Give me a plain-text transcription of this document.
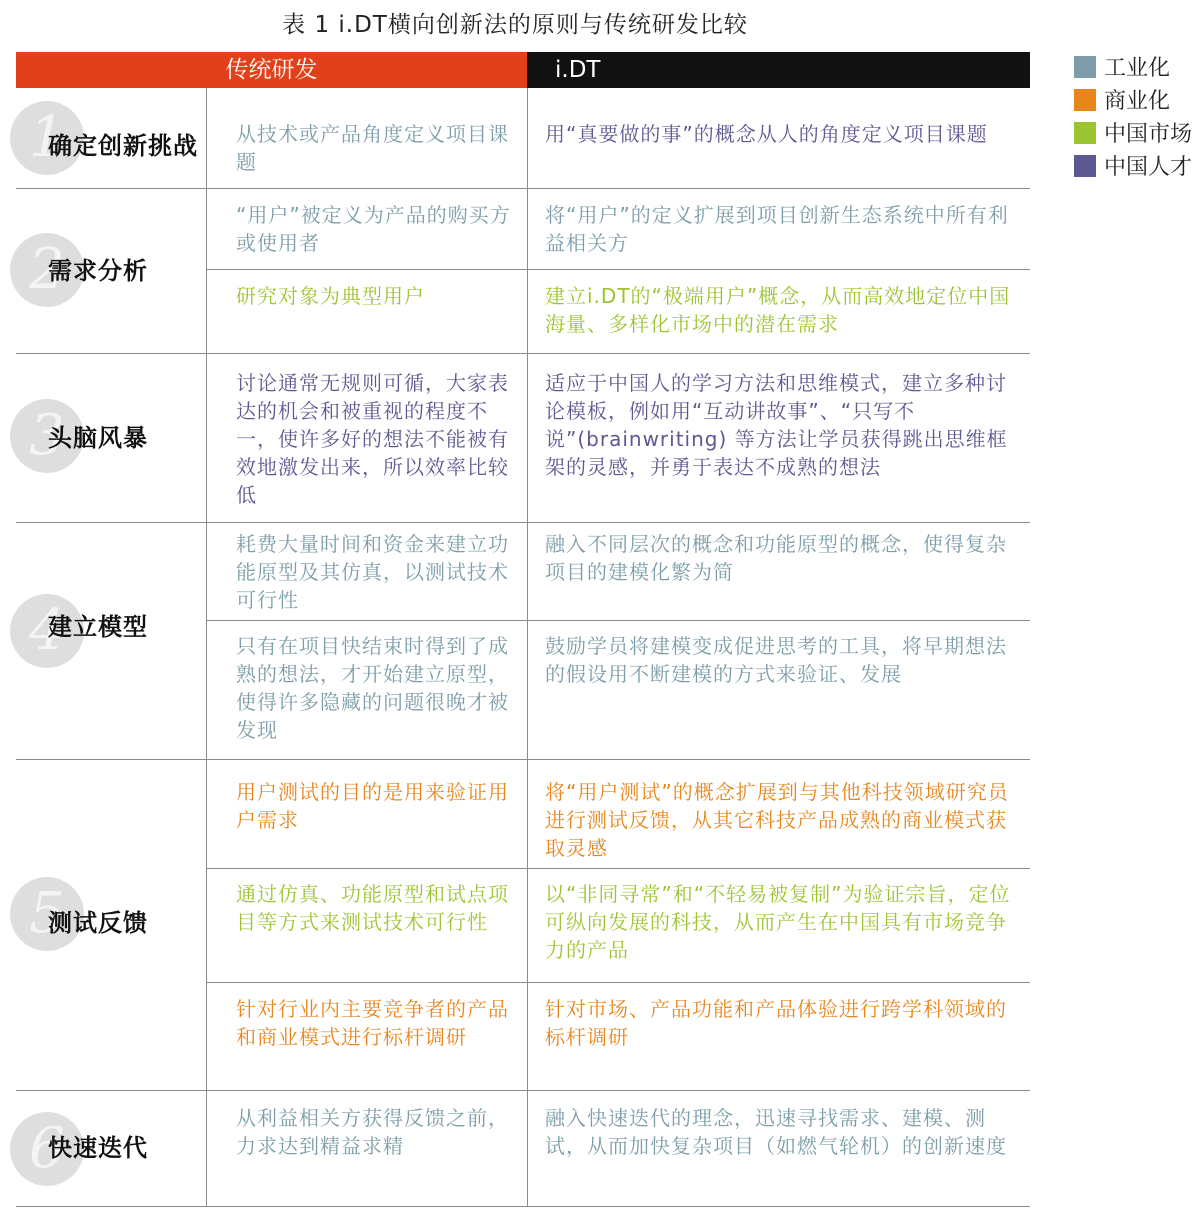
表 1 i.DT横向创新法的原则与传统研发比较
工业化
商业化
中国市场
中国人才
传统研发	i.DT
1
确定创新挑战 从技术或产品角度定义项目课题
用“真要做的事”的概念从人的角度定义项目课题
2
需求分析
“用户”被定义为产品的购买方或使用者
将“用户”的定义扩展到项目创新生态系统中所有利益相关方
研究对象为典型用户	建立i.DT的“极端用户”概念，从而高效地定位中国海量、多样化市场中的潜在需求
3
头脑风暴
讨论通常无规则可循，大家表达的机会和被重视的程度不一，使许多好的想法不能被有效地激发出来，所以效率比较低
适应于中国人的学习方法和思维模式，建立多种讨论模板，例如用“互动讲故事”、“只写不说”(brainwriting) 等方法让学员获得跳出思维框架的灵感，并勇于表达不成熟的想法
4
建立模型
耗费大量时间和资金来建立功能原型及其仿真，以测试技术可行性
融入不同层次的概念和功能原型的概念，使得复杂项目的建模化繁为简
只有在项目快结束时得到了成熟的想法，才开始建立原型，使得许多隐藏的问题很晚才被发现
鼓励学员将建模变成促进思考的工具，将早期想法的假设用不断建模的方式来验证、发展
5
测试反馈
用户测试的目的是用来验证用户需求
将“用户测试”的概念扩展到与其他科技领域研究员进行测试反馈，从其它科技产品成熟的商业模式获取灵感
通过仿真、功能原型和试点项目等方式来测试技术可行性
以“非同寻常”和“不轻易被复制”为验证宗旨，定位可纵向发展的科技，从而产生在中国具有市场竞争力的产品
针对行业内主要竞争者的产品和商业模式进行标杆调研
针对市场、产品功能和产品体验进行跨学科领域的标杆调研
6
快速迭代
从利益相关方获得反馈之前，力求达到精益求精
融入快速迭代的理念，迅速寻找需求、建模、测试，从而加快复杂项目（如燃气轮机）的创新速度
